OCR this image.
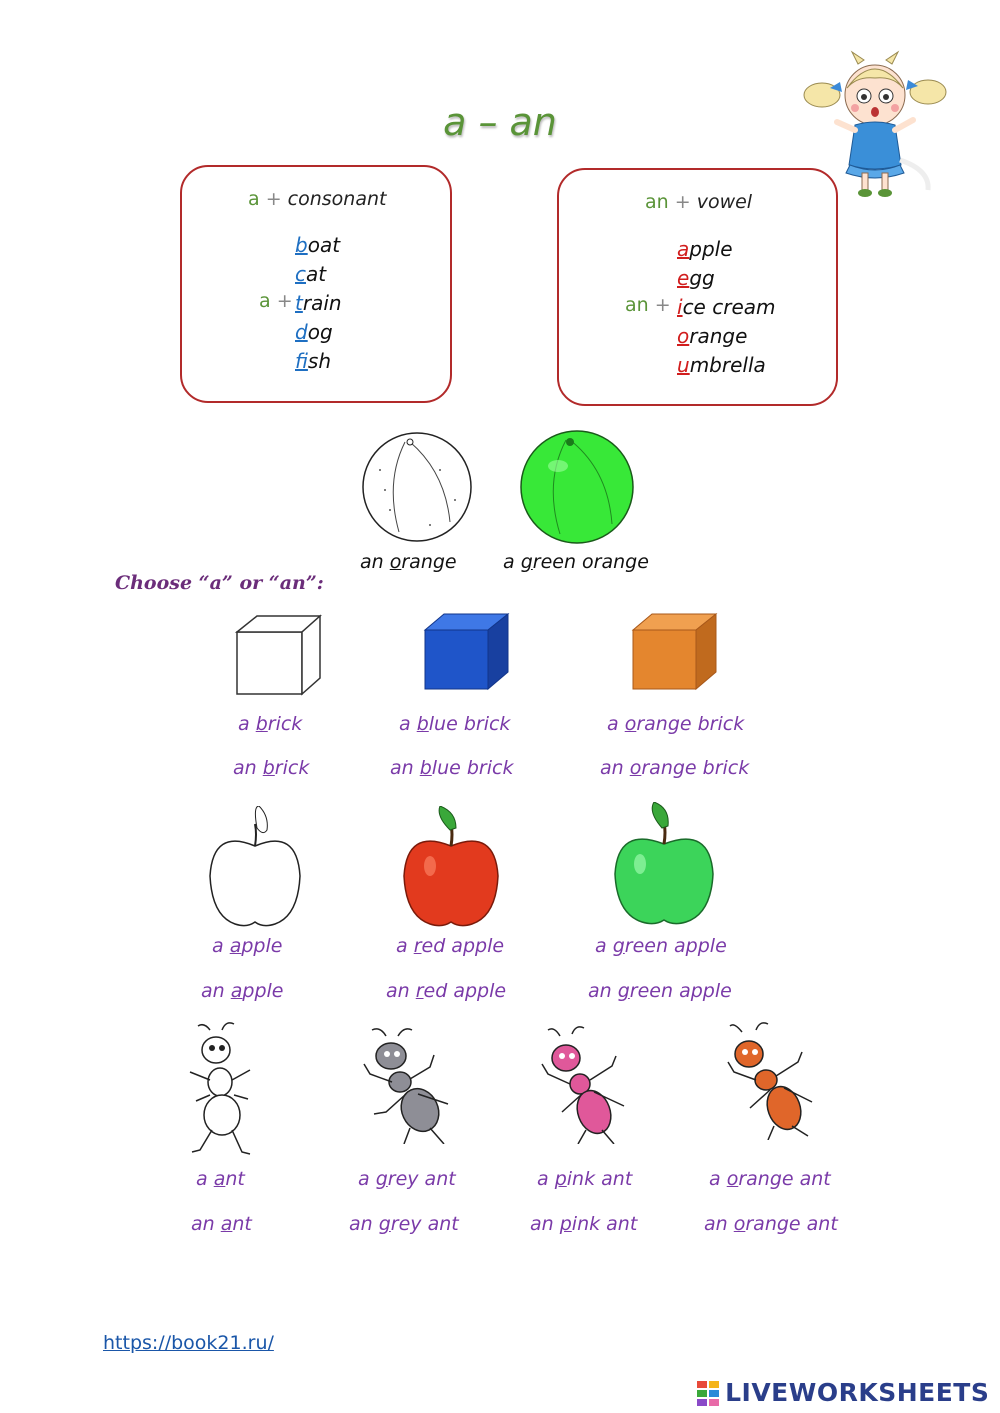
a – an
a + consonant
a +
boat
cat
train
dog
fish
an + vowel
an +
apple
egg
ice cream
orange
umbrella
an orange a green orange
Choose “a” or “an”:
a brick
an brick
a blue brick
an blue brick
a orange brick
an orange brick
a apple
an apple
a red apple
an red apple
a green apple
an green apple
a ant
an ant
a grey ant
an grey ant
a pink ant
an pink ant
a orange ant
an orange ant
https://book21.ru/
LIVEWORKSHEETS
